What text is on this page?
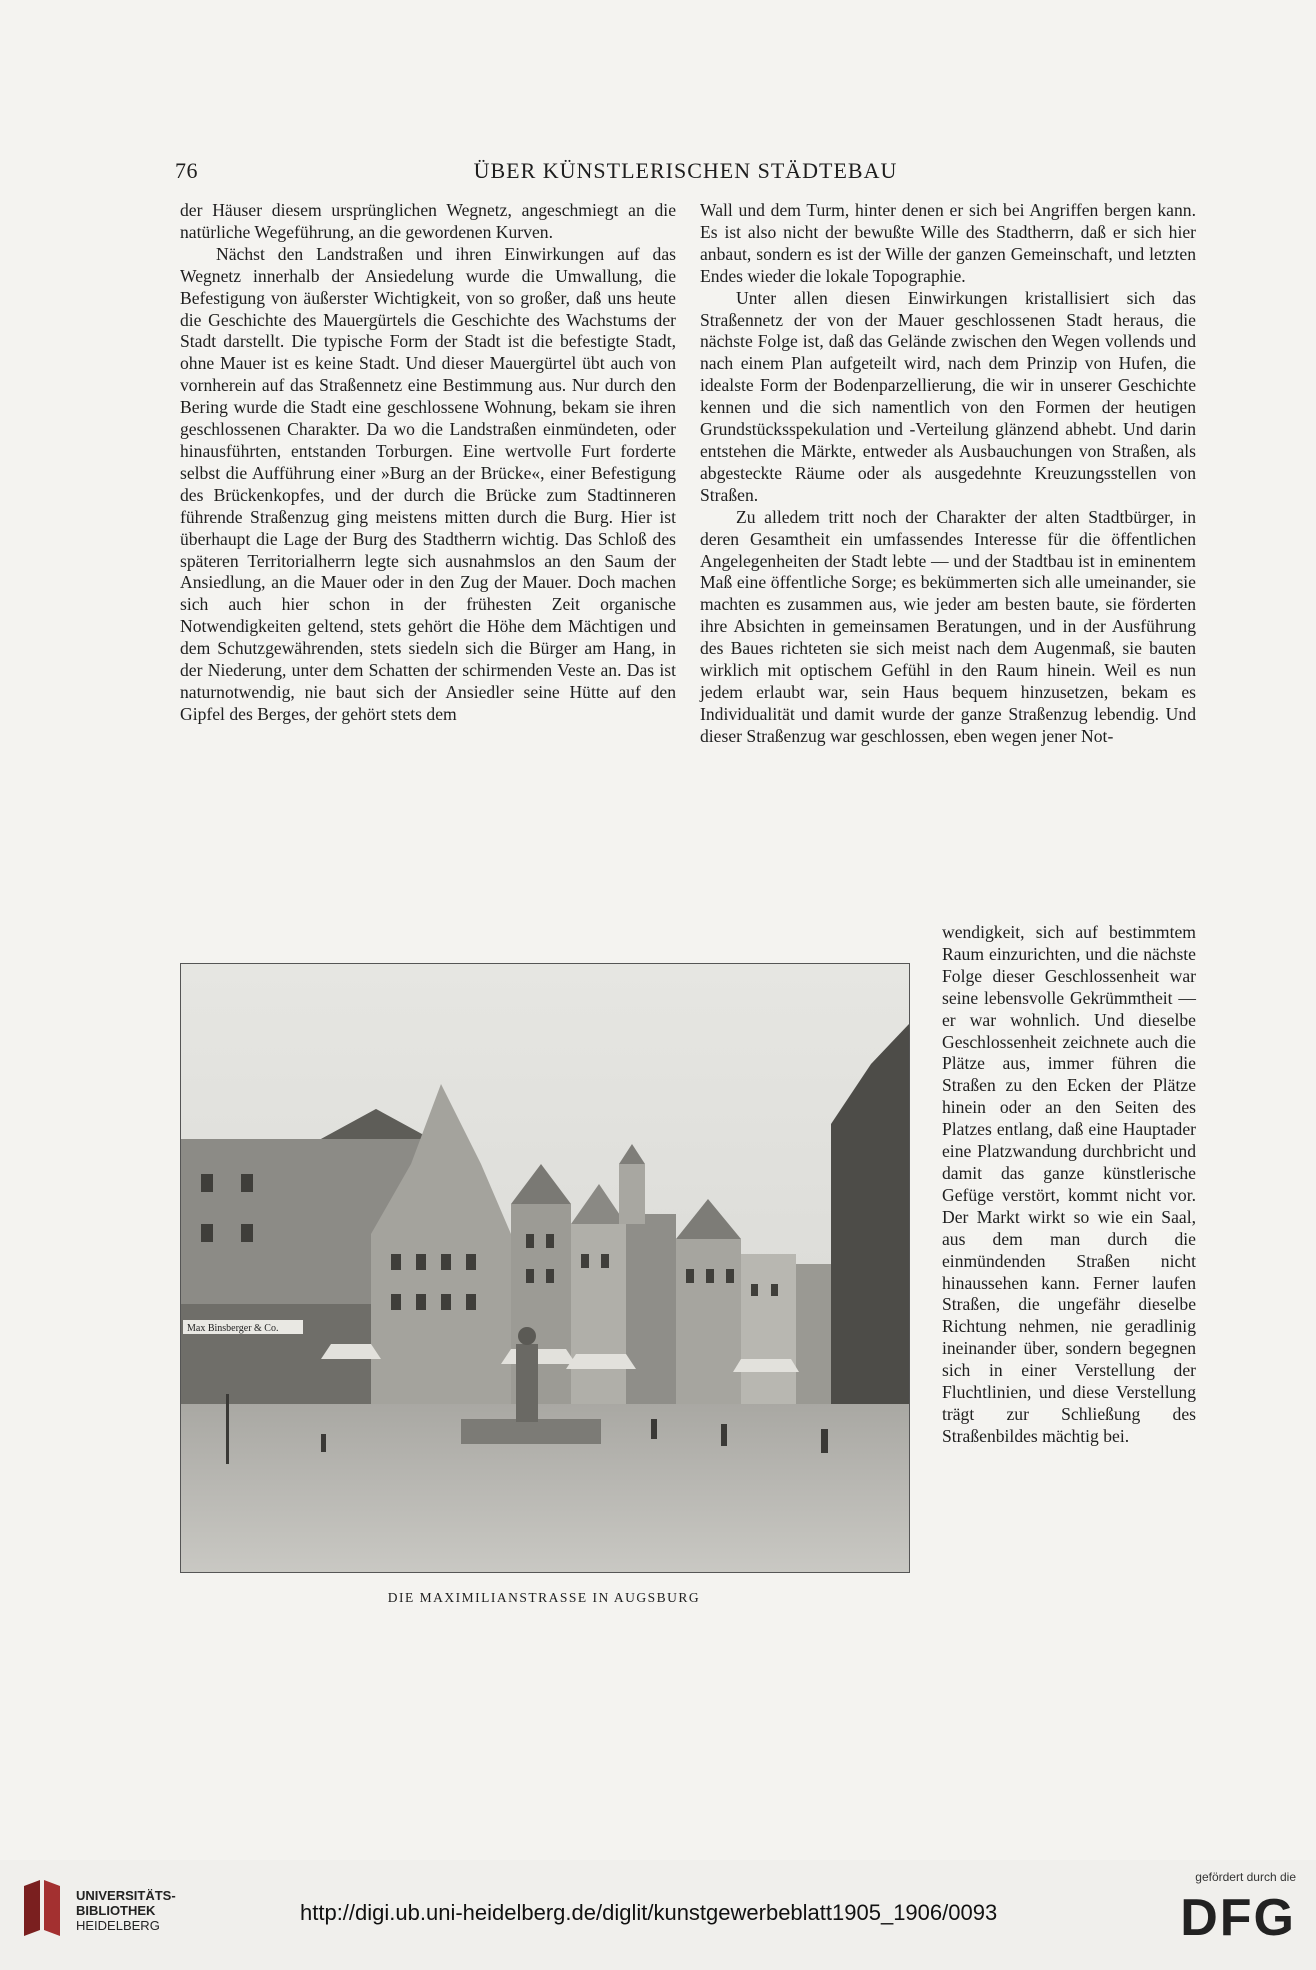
76	ÜBER KÜNSTLERISCHEN STÄDTEBAU

der Häuser diesem ursprünglichen Wegnetz, angeschmiegt an die natürliche Wegeführung, an die gewordenen Kurven.

Nächst den Landstraßen und ihren Einwirkungen auf das Wegnetz innerhalb der Ansiedelung wurde die Umwallung, die Befestigung von äußerster Wichtigkeit, von so großer, daß uns heute die Geschichte des Mauergürtels die Geschichte des Wachstums der Stadt darstellt. Die typische Form der Stadt ist die befestigte Stadt, ohne Mauer ist es keine Stadt. Und dieser Mauergürtel übt auch von vornherein auf das Straßennetz eine Bestimmung aus. Nur durch den Bering wurde die Stadt eine geschlossene Wohnung, bekam sie ihren geschlossenen Charakter. Da wo die Landstraßen einmündeten, oder hinausführten, entstanden Torburgen. Eine wertvolle Furt forderte selbst die Aufführung einer »Burg an der Brücke«, einer Befestigung des Brückenkopfes, und der durch die Brücke zum Stadtinneren führende Straßenzug ging meistens mitten durch die Burg. Hier ist überhaupt die Lage der Burg des Stadtherrn wichtig. Das Schloß des späteren Territorialherrn legte sich ausnahmslos an den Saum der Ansiedlung, an die Mauer oder in den Zug der Mauer. Doch machen sich auch hier schon in der frühesten Zeit organische Notwendigkeiten geltend, stets gehört die Höhe dem Mächtigen und dem Schutzgewährenden, stets siedeln sich die Bürger am Hang, in der Niederung, unter dem Schatten der schirmenden Veste an. Das ist naturnotwendig, nie baut sich der Ansiedler seine Hütte auf den Gipfel des Berges, der gehört stets dem

Wall und dem Turm, hinter denen er sich bei Angriffen bergen kann. Es ist also nicht der bewußte Wille des Stadtherrn, daß er sich hier anbaut, sondern es ist der Wille der ganzen Gemeinschaft, und letzten Endes wieder die lokale Topographie.

Unter allen diesen Einwirkungen kristallisiert sich das Straßennetz der von der Mauer geschlossenen Stadt heraus, die nächste Folge ist, daß das Gelände zwischen den Wegen vollends und nach einem Plan aufgeteilt wird, nach dem Prinzip von Hufen, die idealste Form der Bodenparzellierung, die wir in unserer Geschichte kennen und die sich namentlich von den Formen der heutigen Grundstücksspekulation und -Verteilung glänzend abhebt. Und darin entstehen die Märkte, entweder als Ausbauchungen von Straßen, als abgesteckte Räume oder als ausgedehnte Kreuzungsstellen von Straßen.

Zu alledem tritt noch der Charakter der alten Stadtbürger, in deren Gesamtheit ein umfassendes Interesse für die öffentlichen Angelegenheiten der Stadt lebte — und der Stadtbau ist in eminentem Maß eine öffentliche Sorge; es bekümmerten sich alle umeinander, sie machten es zusammen aus, wie jeder am besten baute, sie förderten ihre Absichten in gemeinsamen Beratungen, und in der Ausführung des Baues richteten sie sich meist nach dem Augenmaß, sie bauten wirklich mit optischem Gefühl in den Raum hinein. Weil es nun jedem erlaubt war, sein Haus bequem hinzusetzen, bekam es Individualität und damit wurde der ganze Straßenzug lebendig. Und dieser Straßenzug war geschlossen, eben wegen jener Not-

wendigkeit, sich auf bestimmtem Raum einzurichten, und die nächste Folge dieser Geschlossenheit war seine lebensvolle Gekrümmtheit — er war wohnlich. Und dieselbe Geschlossenheit zeichnete auch die Plätze aus, immer führen die Straßen zu den Ecken der Plätze hinein oder an den Seiten des Platzes entlang, daß eine Hauptader eine Platzwandung durchbricht und damit das ganze künstlerische Gefüge verstört, kommt nicht vor. Der Markt wirkt so wie ein Saal, aus dem man durch die einmündenden Straßen nicht hinaussehen kann. Ferner laufen Straßen, die ungefähr dieselbe Richtung nehmen, nie geradlinig ineinander über, sondern begegnen sich in einer Verstellung der Fluchtlinien, und diese Verstellung trägt zur Schließung des Straßenbildes mächtig bei.

Max Binsberger & Co.
DIE MAXIMILIANSTRASSE IN AUGSBURG
UNIVERSITÄTS-
BIBLIOTHEK
HEIDELBERG
http://digi.ub.uni-heidelberg.de/diglit/kunstgewerbeblatt1905_1906/0093
gefördert durch die
DFG
